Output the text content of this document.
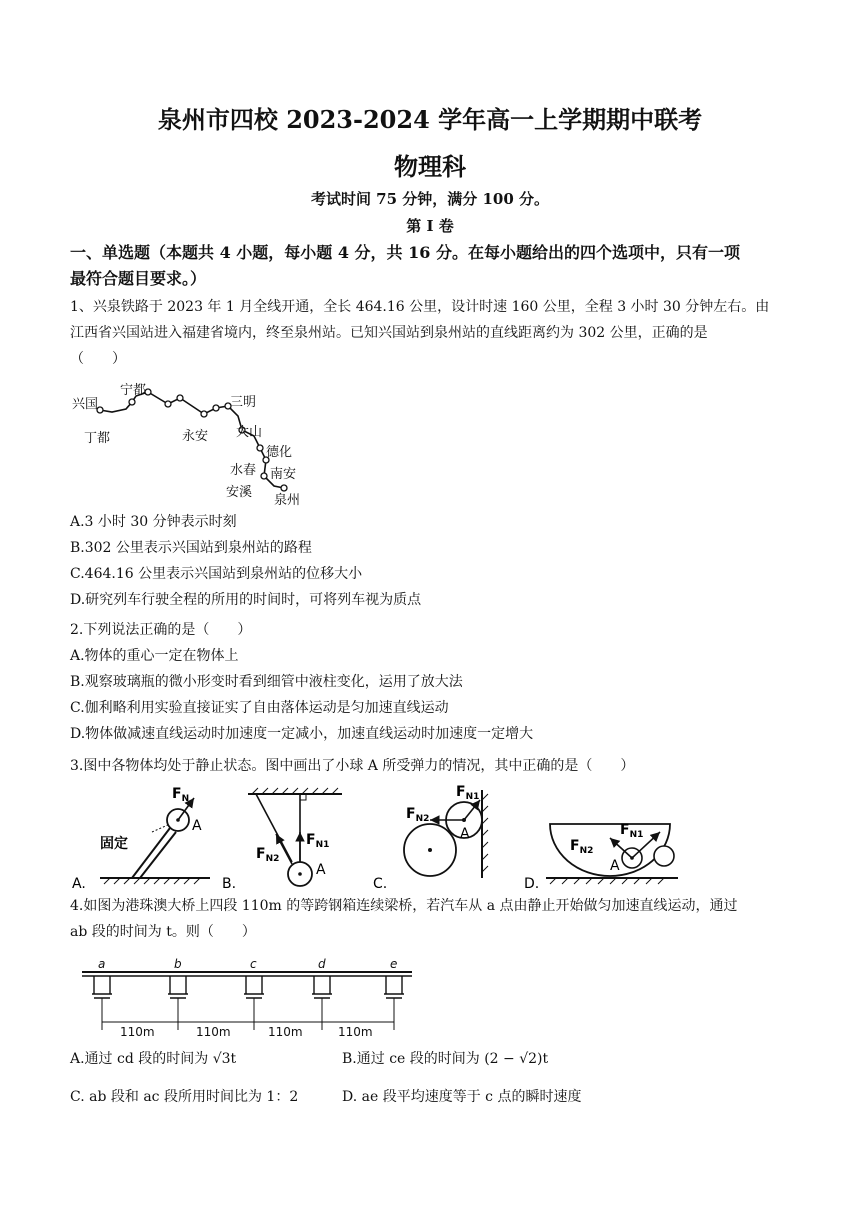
泉州市四校 2023-2024 学年高一上学期期中联考
物理科
考试时间 75 分钟，满分 100 分。
第 I 卷
一、单选题（本题共 4 小题，每小题 4 分，共 16 分。在每小题给出的四个选项中，只有一项
最符合题目要求。）
1、兴泉铁路于 2023 年 1 月全线开通，全长 464.16 公里，设计时速 160 公里，全程 3 小时 30 分钟左右。由
江西省兴国站进入福建省境内，终至泉州站。已知兴国站到泉州站的直线距离约为 302 公里，正确的是
（　　）
兴国
宁都
三明
丁都	永安 大山
德化
水春 南安
安溪
泉州
A.3 小时 30 分钟表示时刻
B.302 公里表示兴国站到泉州站的路程
C.464.16 公里表示兴国站到泉州站的位移大小
D.研究列车行驶全程的所用的时间时，可将列车视为质点
2.下列说法正确的是（　　）
A.物体的重心一定在物体上
B.观察玻璃瓶的微小形变时看到细管中液柱变化，运用了放大法
C.伽利略利用实验直接证实了自由落体运动是匀加速直线运动
D.物体做减速直线运动时加速度一定减小，加速直线运动时加速度一定增大
3.图中各物体均处于静止状态。图中画出了小球 A 所受弹力的情况，其中正确的是（　　）
$F_N$
A
固定
A.
$F_{N1}$
$F_{N2}$
A
B.
$F_{N2}$
$F_{N1}$
A
C.
$F_{N1}$
$F_{N2}$
A
D.
4.如图为港珠澳大桥上四段 110m 的等跨钢箱连续梁桥，若汽车从 a 点由静止开始做匀加速直线运动，通过
ab 段的时间为 t。则（　　）
a	b	c	d	e
110m	110m	110m	110m
A.通过 cd 段的时间为 √3t	B.通过 ce 段的时间为 (2 − √2)t
C. ab 段和 ac 段所用时间比为 1：2	D. ae 段平均速度等于 c 点的瞬时速度
